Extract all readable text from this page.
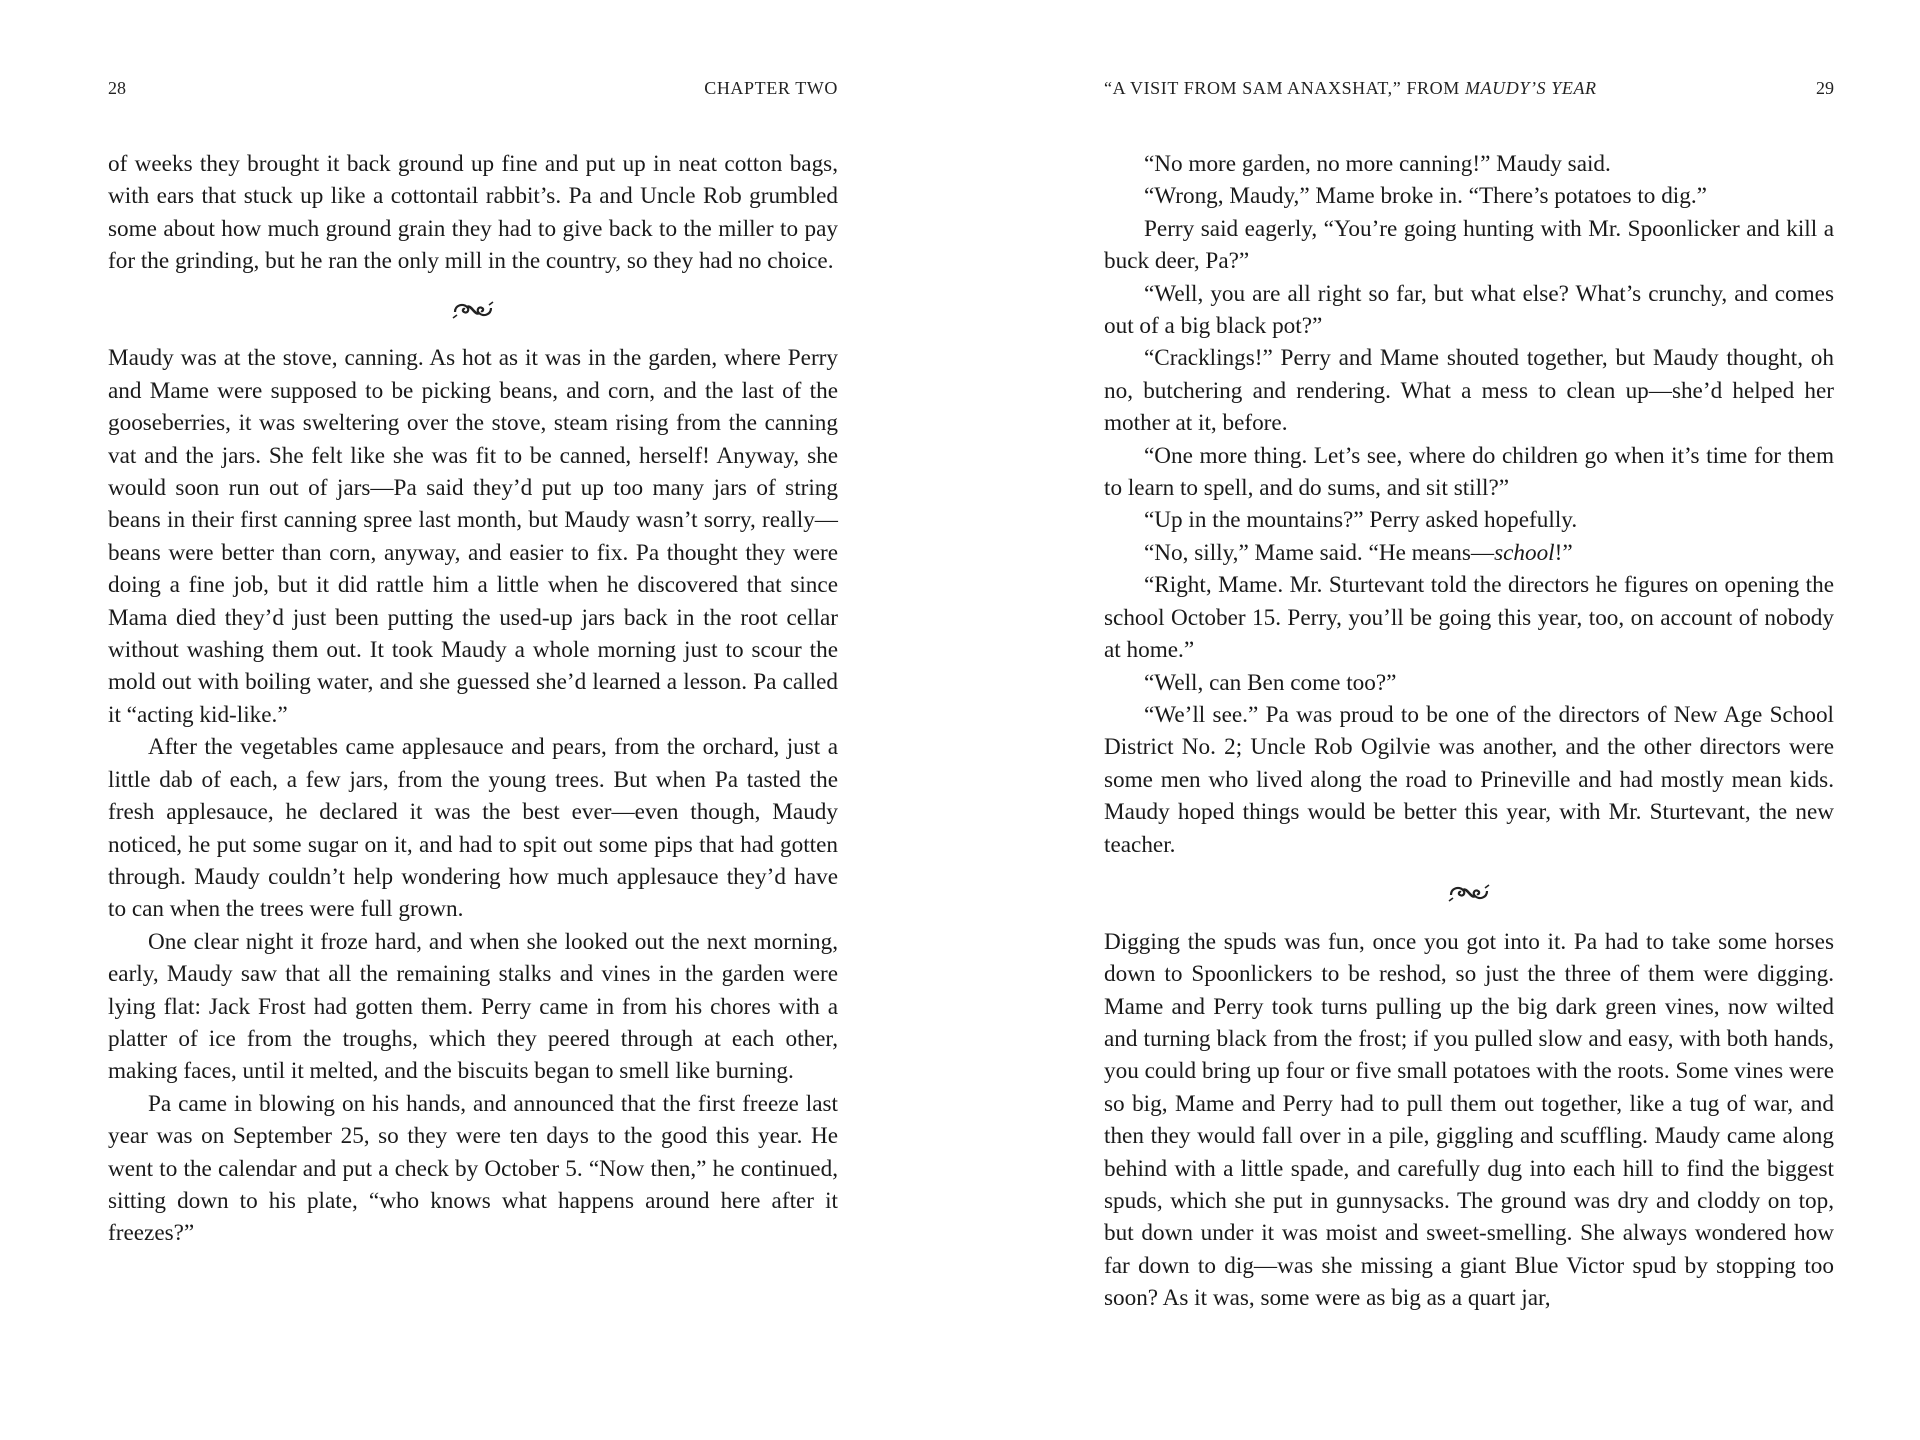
28	CHAPTER TWO

of weeks they brought it back ground up fine and put up in neat cotton bags, with ears that stuck up like a cottontail rabbit’s. Pa and Uncle Rob grumbled some about how much ground grain they had to give back to the miller to pay for the grinding, but he ran the only mill in the country, so they had no choice.

Maudy was at the stove, canning. As hot as it was in the garden, where Perry and Mame were supposed to be picking beans, and corn, and the last of the gooseberries, it was sweltering over the stove, steam rising from the canning vat and the jars. She felt like she was fit to be canned, herself! Anyway, she would soon run out of jars—Pa said they’d put up too many jars of string beans in their first canning spree last month, but Maudy wasn’t sorry, really—beans were better than corn, anyway, and easier to fix. Pa thought they were doing a fine job, but it did rattle him a little when he discovered that since Mama died they’d just been putting the used-up jars back in the root cellar without washing them out. It took Maudy a whole morning just to scour the mold out with boiling water, and she guessed she’d learned a lesson. Pa called it “acting kid-like.”

After the vegetables came applesauce and pears, from the orchard, just a little dab of each, a few jars, from the young trees. But when Pa tasted the fresh applesauce, he declared it was the best ever—even though, Maudy noticed, he put some sugar on it, and had to spit out some pips that had gotten through. Maudy couldn’t help wondering how much applesauce they’d have to can when the trees were full grown.

One clear night it froze hard, and when she looked out the next morning, early, Maudy saw that all the remaining stalks and vines in the garden were lying flat: Jack Frost had gotten them. Perry came in from his chores with a platter of ice from the troughs, which they peered through at each other, making faces, until it melted, and the biscuits began to smell like burning.

Pa came in blowing on his hands, and announced that the first freeze last year was on September 25, so they were ten days to the good this year. He went to the calendar and put a check by October 5. “Now then,” he continued, sitting down to his plate, “who knows what happens around here after it freezes?”

“A VISIT FROM SAM ANAXSHAT,” FROM MAUDY’S YEAR	29

“No more garden, no more canning!” Maudy said.

“Wrong, Maudy,” Mame broke in. “There’s potatoes to dig.”

Perry said eagerly, “You’re going hunting with Mr. Spoonlicker and kill a buck deer, Pa?”

“Well, you are all right so far, but what else? What’s crunchy, and comes out of a big black pot?”

“Cracklings!” Perry and Mame shouted together, but Maudy thought, oh no, butchering and rendering. What a mess to clean up—she’d helped her mother at it, before.

“One more thing. Let’s see, where do children go when it’s time for them to learn to spell, and do sums, and sit still?”

“Up in the mountains?” Perry asked hopefully.

“No, silly,” Mame said. “He means—school!”

“Right, Mame. Mr. Sturtevant told the directors he figures on opening the school October 15. Perry, you’ll be going this year, too, on account of nobody at home.”

“Well, can Ben come too?”

“We’ll see.” Pa was proud to be one of the directors of New Age School District No. 2; Uncle Rob Ogilvie was another, and the other directors were some men who lived along the road to Prineville and had mostly mean kids. Maudy hoped things would be better this year, with Mr. Sturtevant, the new teacher.

Digging the spuds was fun, once you got into it. Pa had to take some horses down to Spoonlickers to be reshod, so just the three of them were digging. Mame and Perry took turns pulling up the big dark green vines, now wilted and turning black from the frost; if you pulled slow and easy, with both hands, you could bring up four or five small potatoes with the roots. Some vines were so big, Mame and Perry had to pull them out together, like a tug of war, and then they would fall over in a pile, giggling and scuffling. Maudy came along behind with a little spade, and carefully dug into each hill to find the biggest spuds, which she put in gunnysacks. The ground was dry and cloddy on top, but down under it was moist and sweet-smelling. She always wondered how far down to dig—was she missing a giant Blue Victor spud by stopping too soon? As it was, some were as big as a quart jar,
